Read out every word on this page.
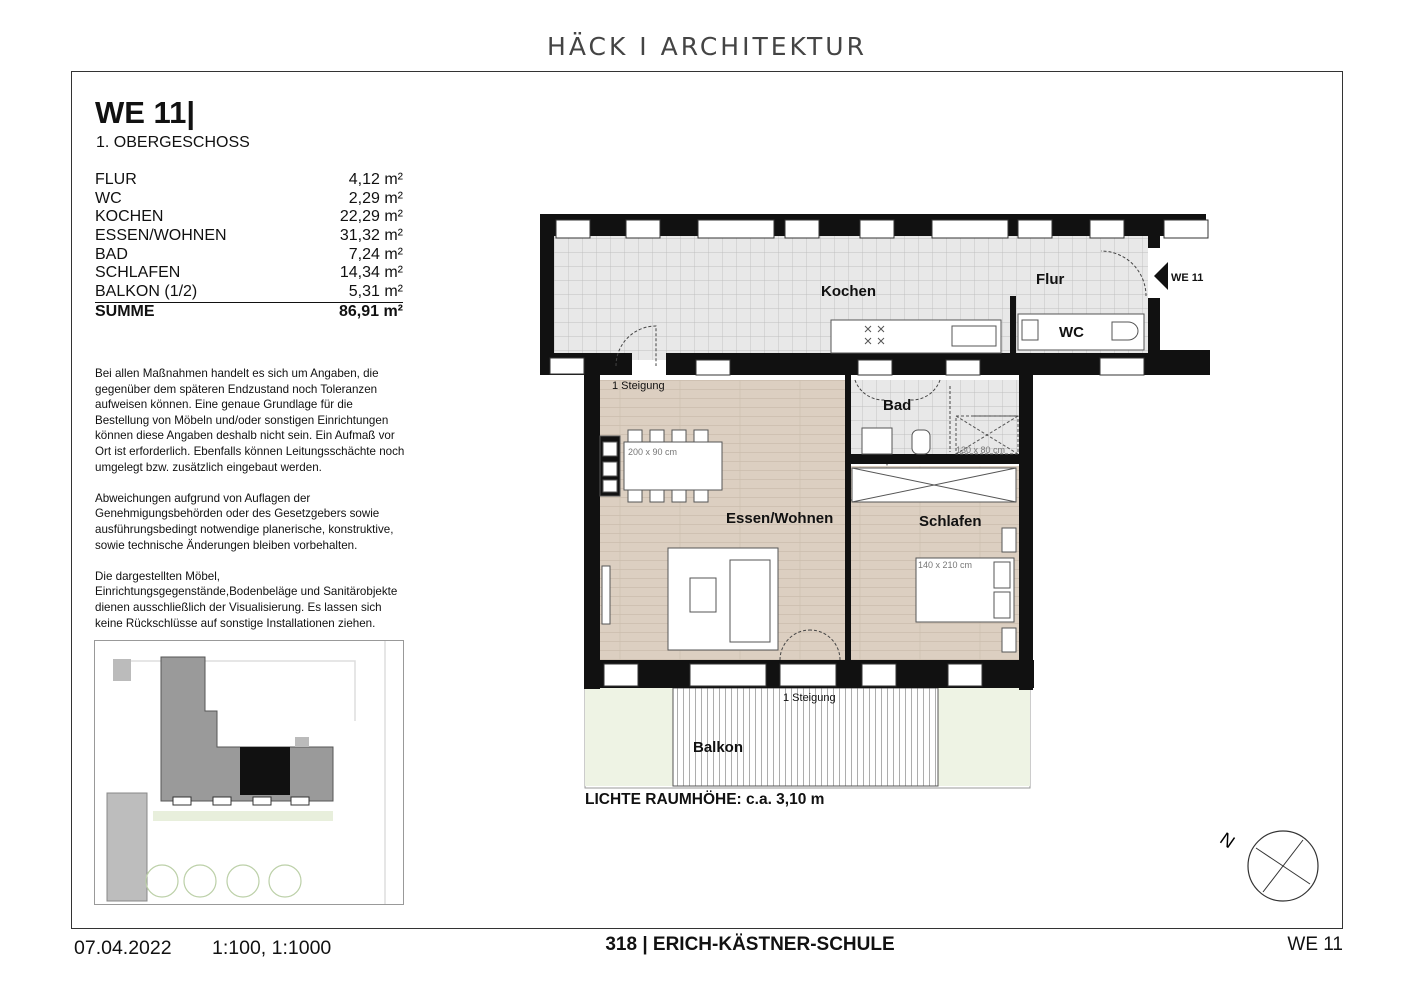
HÄCK I ARCHITEKTUR
WE 11|
1. OBERGESCHOSS
FLUR	4,12 m²
WC	2,29 m²
KOCHEN	22,29 m²
ESSEN/WOHNEN	31,32 m²
BAD	7,24 m²
SCHLAFEN	14,34 m²
BALKON (1/2)	5,31 m²
SUMME	86,91 m²

Bei allen Maßnahmen handelt es sich um Angaben, die gegenüber dem späteren Endzustand noch Toleranzen aufweisen können. Eine genaue Grundlage für die Bestellung von Möbeln und/oder sonstigen Einrichtungen können diese Angaben deshalb nicht sein. Ein Aufmaß vor Ort ist erforderlich. Ebenfalls können Leitungsschächte noch umgelegt bzw. zusätzlich eingebaut werden.

Abweichungen aufgrund von Auflagen der Genehmigungsbehörden oder des Gesetzgebers sowie ausführungsbedingt notwendige planerische, konstruktive, sowie technische Änderungen bleiben vorbehalten.

Die dargestellten Möbel, Einrichtungsgegenstände,Bodenbeläge und Sanitärobjekte dienen ausschließlich der Visualisierung. Es lassen sich keine Rückschlüsse auf sonstige Installationen ziehen.

WE 11
Kochen
Flur
WC
Bad
Essen/Wohnen	Schlafen
Balkon
1 Steigung
1 Steigung
200 x 90 cm	130 x 80 cm
140 x 210 cm
LICHTE RAUMHÖHE: c.a. 3,10 m
N
07.04.2022 1:100, 1:1000	318 | ERICH-KÄSTNER-SCHULE	WE 11
